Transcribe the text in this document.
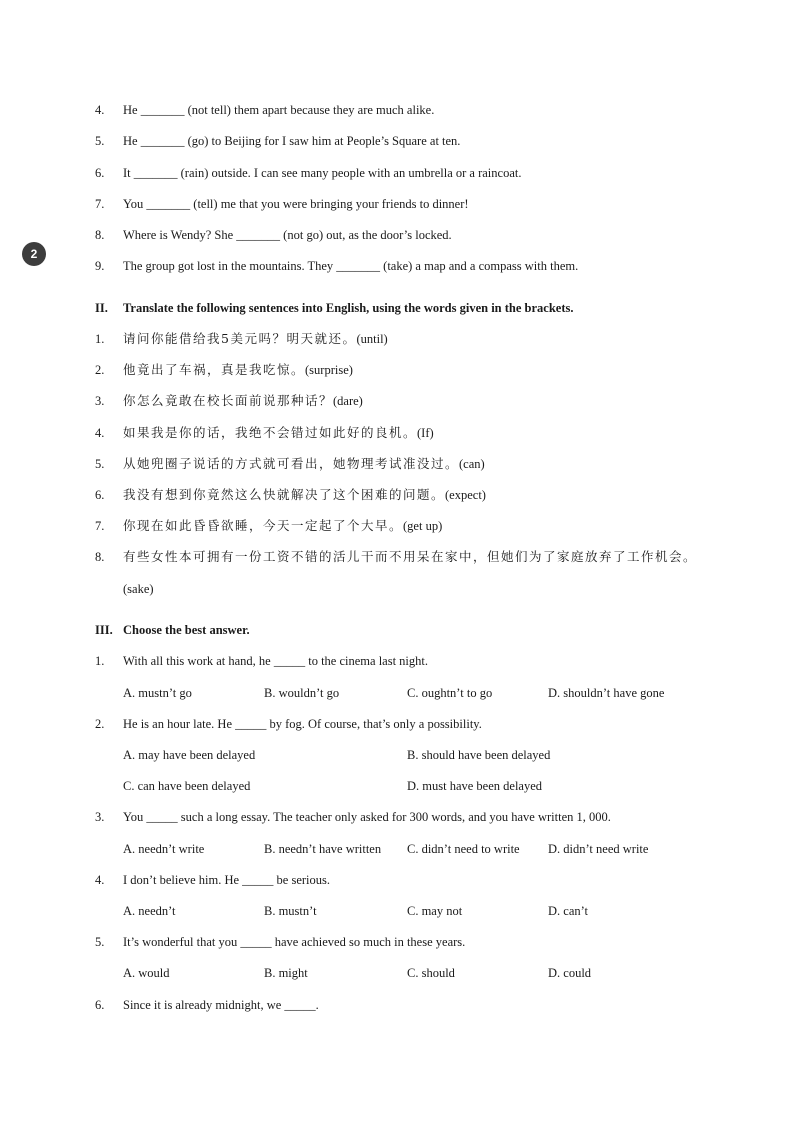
2
4. He _______ (not tell) them apart because they are much alike.
5. He _______ (go) to Beijing for I saw him at People’s Square at ten.
6. It _______ (rain) outside. I can see many people with an umbrella or a raincoat.
7. You _______ (tell) me that you were bringing your friends to dinner!
8. Where is Wendy? She _______ (not go) out, as the door’s locked.
9. The group got lost in the mountains. They _______ (take) a map and a compass with them.
II. Translate the following sentences into English, using the words given in the brackets.
1. 请问你能借给我5美元吗？明天就还。(until)
2. 他竟出了车祸，真是我吃惊。(surprise)
3. 你怎么竟敢在校长面前说那种话？(dare)
4. 如果我是你的话，我绝不会错过如此好的良机。(If)
5. 从她兜圈子说话的方式就可看出，她物理考试准没过。(can)
6. 我没有想到你竟然这么快就解决了这个困难的问题。(expect)
7. 你现在如此昏昏欲睡，今天一定起了个大早。(get up)
8. 有些女性本可拥有一份工资不错的活儿干而不用呆在家中，但她们为了家庭放弃了工作机会。
(sake)
III. Choose the best answer.
1. With all this work at hand, he _____ to the cinema last night.
A. mustn’t go	B. wouldn’t go	C. oughtn’t to go	D. shouldn’t have gone
2. He is an hour late. He _____ by fog. Of course, that’s only a possibility.
A. may have been delayed	B. should have been delayed
C. can have been delayed	D. must have been delayed
3. You _____ such a long essay. The teacher only asked for 300 words, and you have written 1, 000.
A. needn’t write	B. needn’t have written C. didn’t need to write D. didn’t need write
4. I don’t believe him. He _____ be serious.
A. needn’t	B. mustn’t	C. may not	D. can’t
5. It’s wonderful that you _____ have achieved so much in these years.
A. would	B. might	C. should	D. could
6. Since it is already midnight, we _____.
